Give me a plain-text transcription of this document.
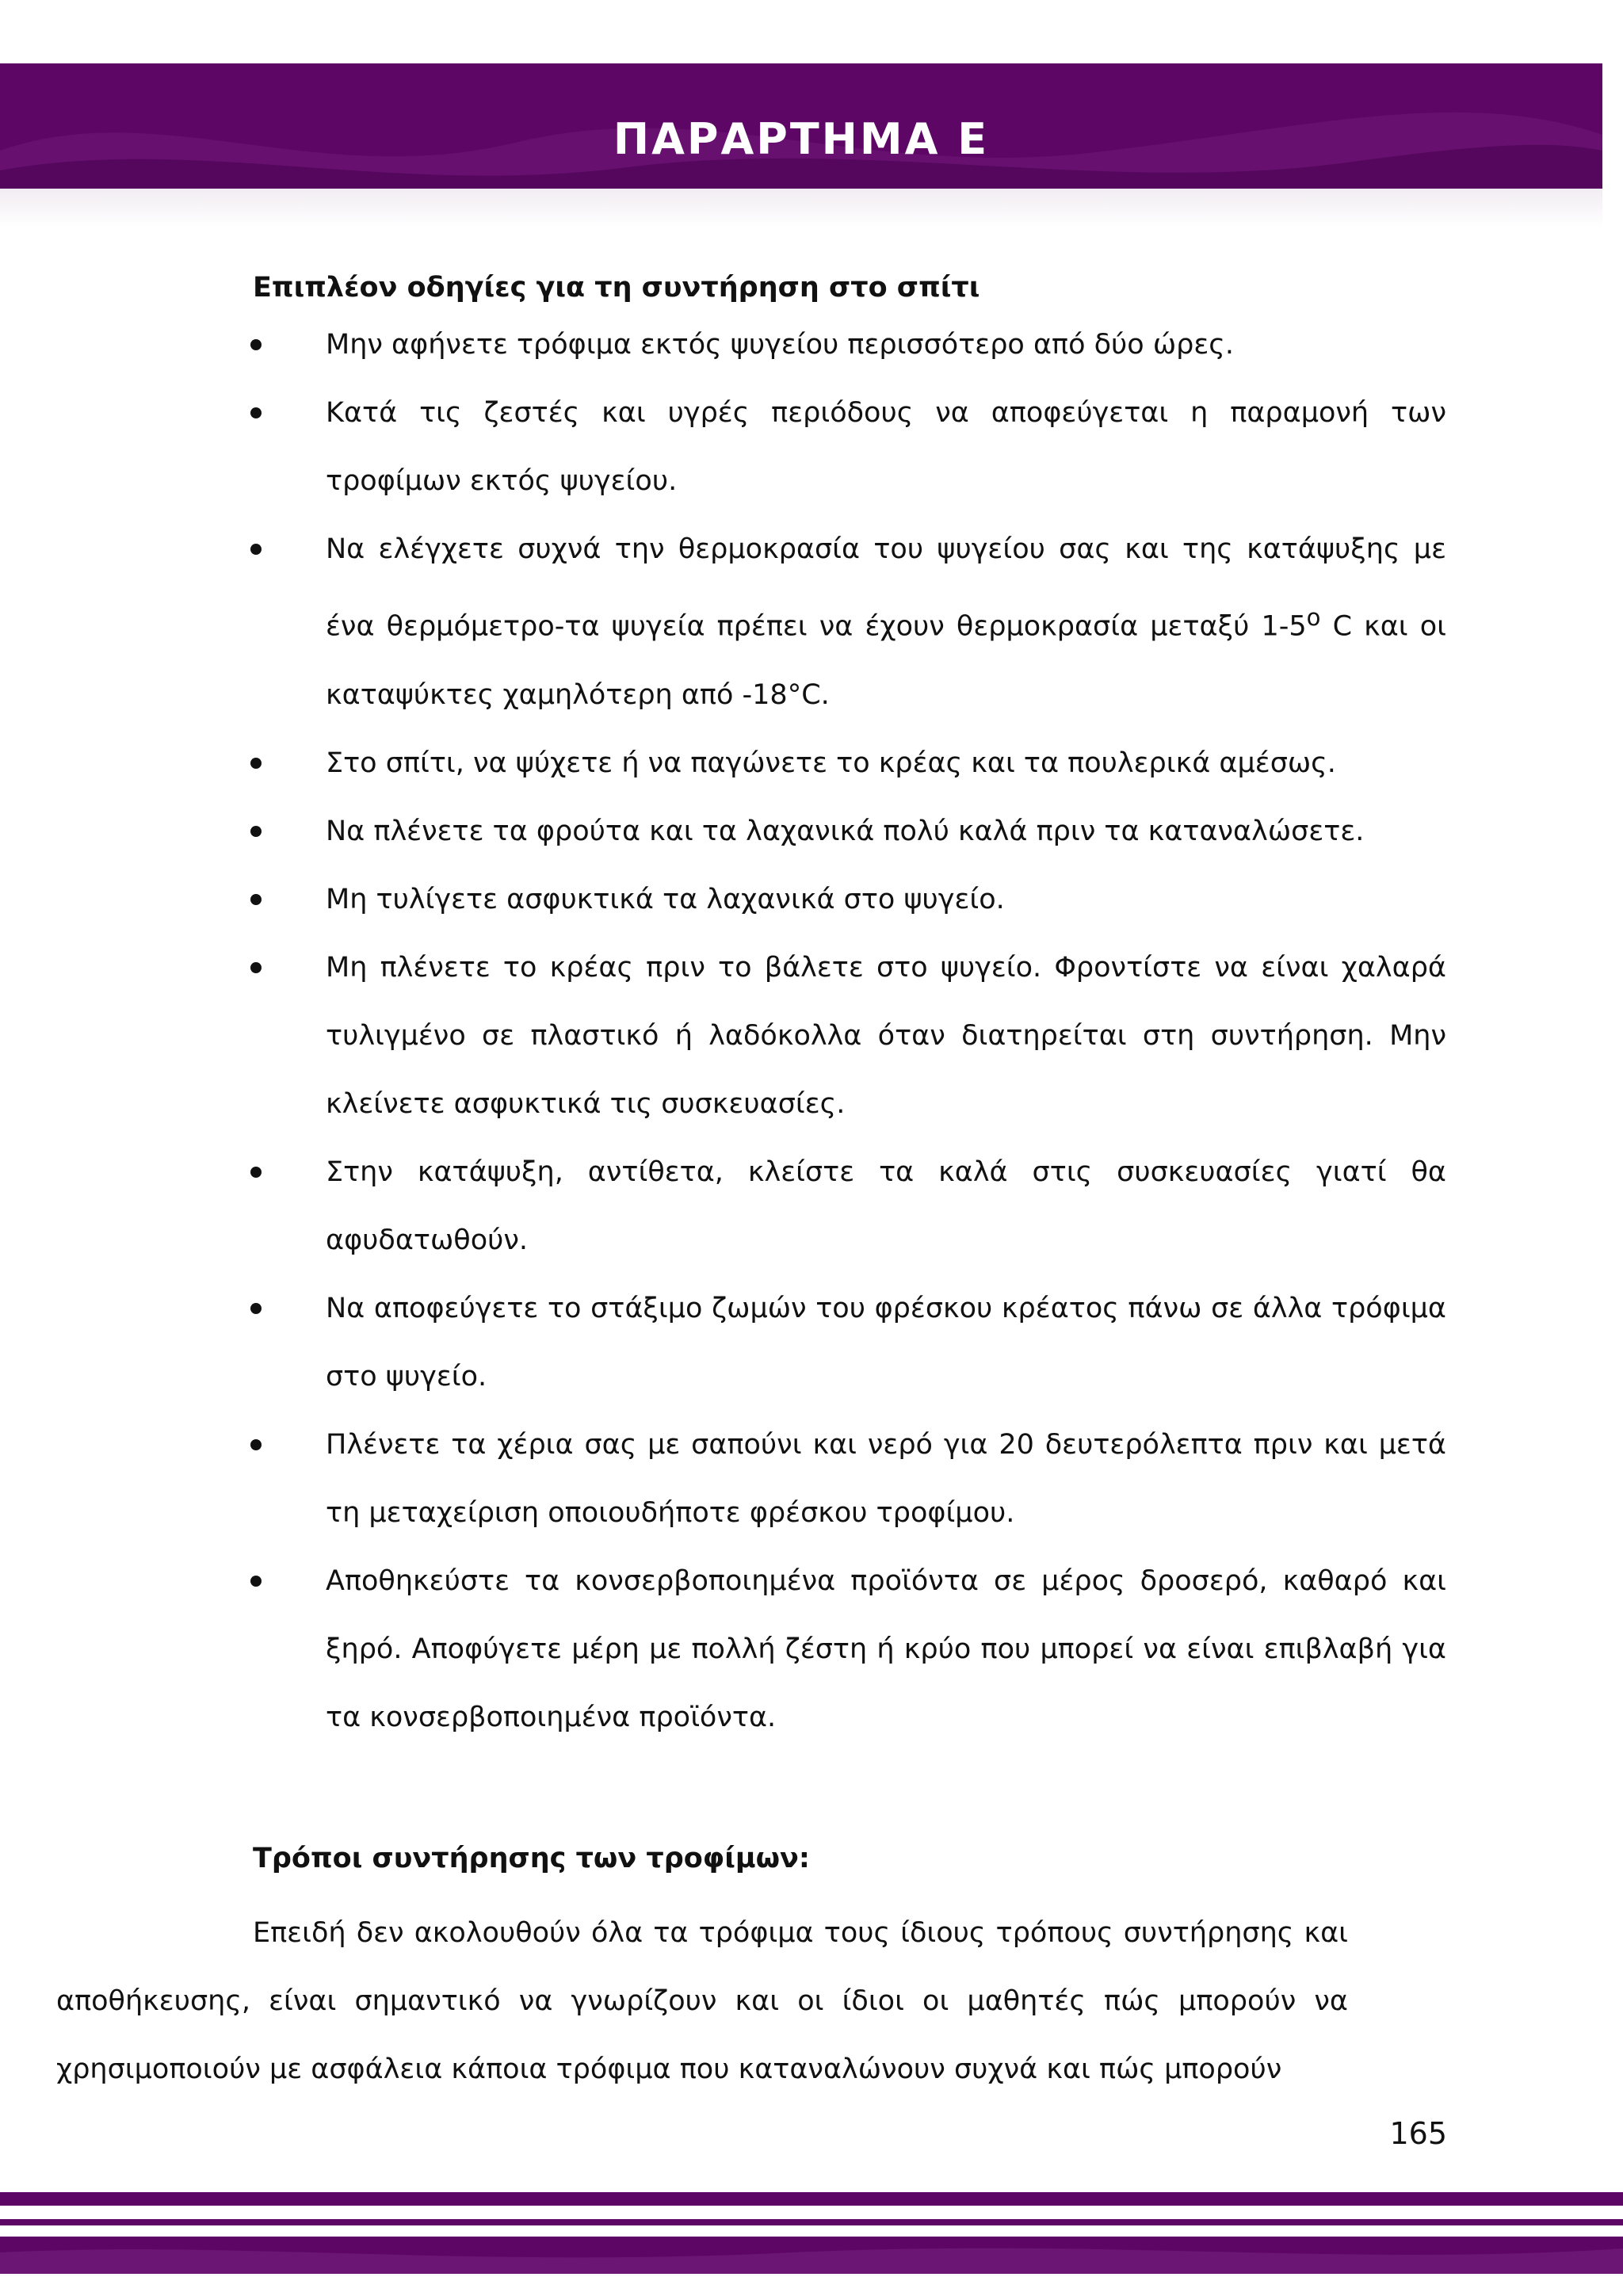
ΠΑΡΑΡΤΗΜΑ Ε
Επιπλέον οδηγίες για τη συντήρηση στο σπίτι
Μην αφήνετε τρόφιμα εκτός ψυγείου περισσότερο από δύο ώρες.
Κατά τις ζεστές και υγρές περιόδους να αποφεύγεται η παραμονή των τροφίμων εκτός ψυγείου.
Να ελέγχετε συχνά την θερμοκρασία του ψυγείου σας και της κατάψυξης με ένα θερμόμετρο-τα ψυγεία πρέπει να έχουν θερμοκρασία μεταξύ 1-5$^o$ C και οι καταψύκτες χαμηλότερη από -18°C.
Στο σπίτι, να ψύχετε ή να παγώνετε το κρέας και τα πουλερικά αμέσως.
Να πλένετε τα φρούτα και τα λαχανικά πολύ καλά πριν τα καταναλώσετε.
Μη τυλίγετε ασφυκτικά τα λαχανικά στο ψυγείο.
Μη πλένετε το κρέας πριν το βάλετε στο ψυγείο. Φροντίστε να είναι χαλαρά τυλιγμένο σε πλαστικό ή λαδόκολλα όταν διατηρείται στη συντήρηση. Μην κλείνετε ασφυκτικά τις συσκευασίες.
Στην κατάψυξη, αντίθετα, κλείστε τα καλά στις συσκευασίες γιατί θα αφυδατωθούν.
Να αποφεύγετε το στάξιμο ζωμών του φρέσκου κρέατος πάνω σε άλλα τρόφιμα στο ψυγείο.
Πλένετε τα χέρια σας με σαπούνι και νερό για 20 δευτερόλεπτα πριν και μετά τη μεταχείριση οποιουδήποτε φρέσκου τροφίμου.
Αποθηκεύστε τα κονσερβοποιημένα προϊόντα σε μέρος δροσερό, καθαρό και ξηρό. Αποφύγετε μέρη με πολλή ζέστη ή κρύο που μπορεί να είναι επιβλαβή για τα κονσερβοποιημένα προϊόντα.
Τρόποι συντήρησης των τροφίμων:

Επειδή δεν ακολουθούν όλα τα τρόφιμα τους ίδιους τρόπους συντήρησης και αποθήκευσης, είναι σημαντικό να γνωρίζουν και οι ίδιοι οι μαθητές πώς μπορούν να χρησιμοποιούν με ασφάλεια κάποια τρόφιμα που καταναλώνουν συχνά και πώς μπορούν

165
